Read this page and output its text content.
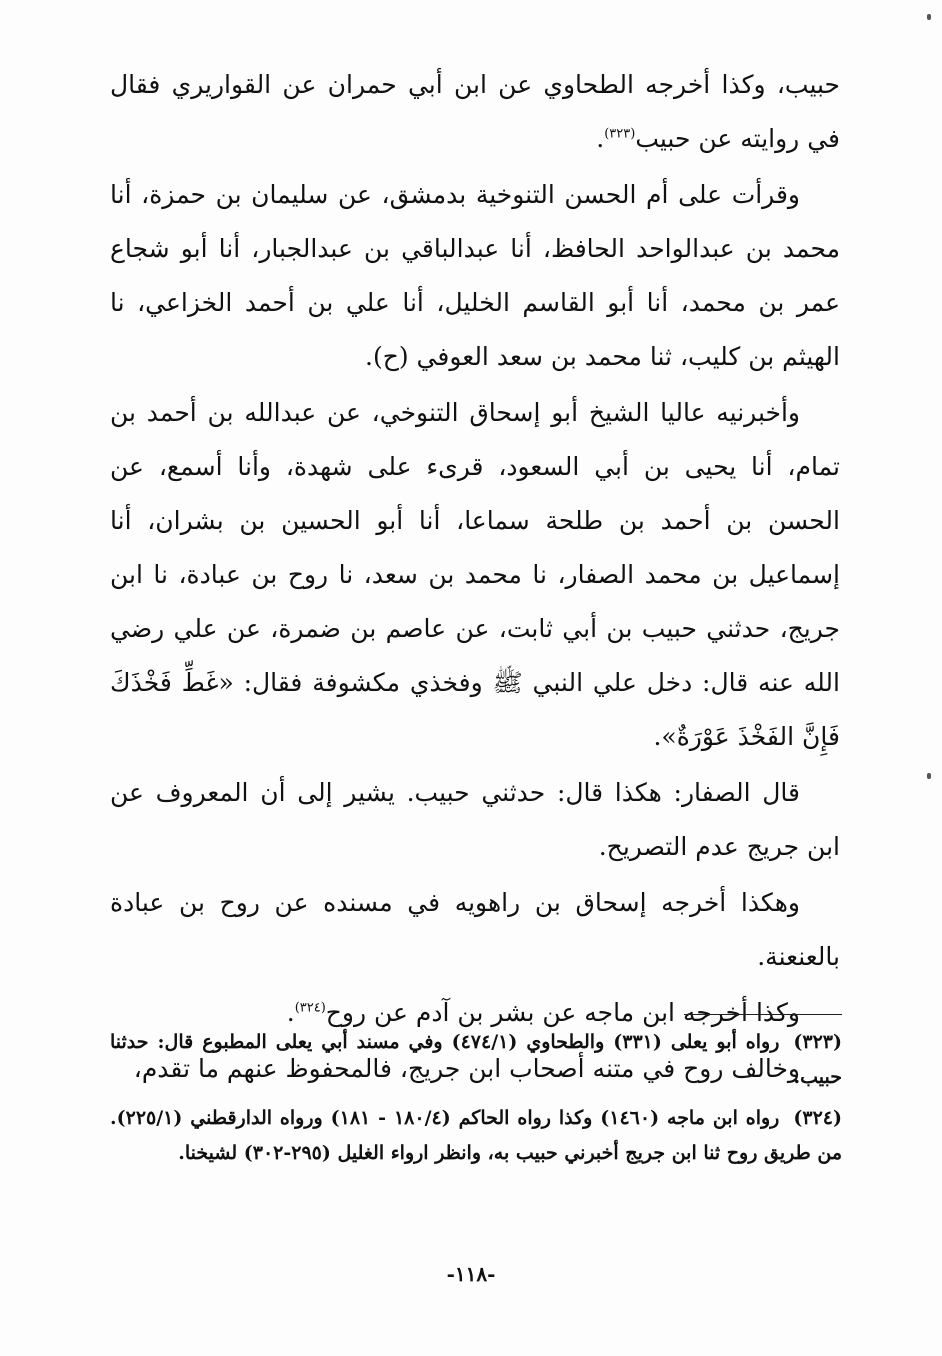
حبيب، وكذا أخرجه الطحاوي عن ابن أبي حمران عن القواريري فقال في روايته عن حبيب$^{(٣٢٣)}$.

وقرأت على أم الحسن التنوخية بدمشق، عن سليمان بن حمزة، أنا محمد بن عبدالواحد الحافظ، أنا عبدالباقي بن عبدالجبار، أنا أبو شجاع عمر بن محمد، أنا أبو القاسم الخليل، أنا علي بن أحمد الخزاعي، نا الهيثم بن كليب، ثنا محمد بن سعد العوفي (ح).

وأخبرنيه عاليا الشيخ أبو إسحاق التنوخي، عن عبدالله بن أحمد بن تمام، أنا يحيى بن أبي السعود، قرىء على شهدة، وأنا أسمع، عن الحسن بن أحمد بن طلحة سماعا، أنا أبو الحسين بن بشران، أنا إسماعيل بن محمد الصفار، نا محمد بن سعد، نا روح بن عبادة، نا ابن جريج، حدثني حبيب بن أبي ثابت، عن عاصم بن ضمرة، عن علي رضي الله عنه قال: دخل علي النبي ﷺ وفخذي مكشوفة فقال: «غَطِّ فَخْذَكَ فَإِنَّ الفَخْذَ عَوْرَةٌ».

قال الصفار: هكذا قال: حدثني حبيب. يشير إلى أن المعروف عن ابن جريج عدم التصريح.

وهكذا أخرجه إسحاق بن راهويه في مسنده عن روح بن عبادة بالعنعنة.

وكذا أخرجه ابن ماجه عن بشر بن آدم عن روح$^{(٣٢٤)}$.

وخالف روح في متنه أصحاب ابن جريج، فالمحفوظ عنهم ما تقدم،

(٣٢٣)رواه أبو يعلى (٣٣١) والطحاوي (٤٧٤/١) وفي مسند أبي يعلى المطبوع قال: حدثنا حبيب.

(٣٢٤)رواه ابن ماجه (١٤٦٠) وكذا رواه الحاكم (١٨٠/٤ - ١٨١) ورواه الدارقطني (٢٢٥/١). من طريق روح ثنا ابن جريج أخبرني حبيب به، وانظر ارواء الغليل (٢٩٥-٣٠٢) لشيخنا.

-١١٨-
